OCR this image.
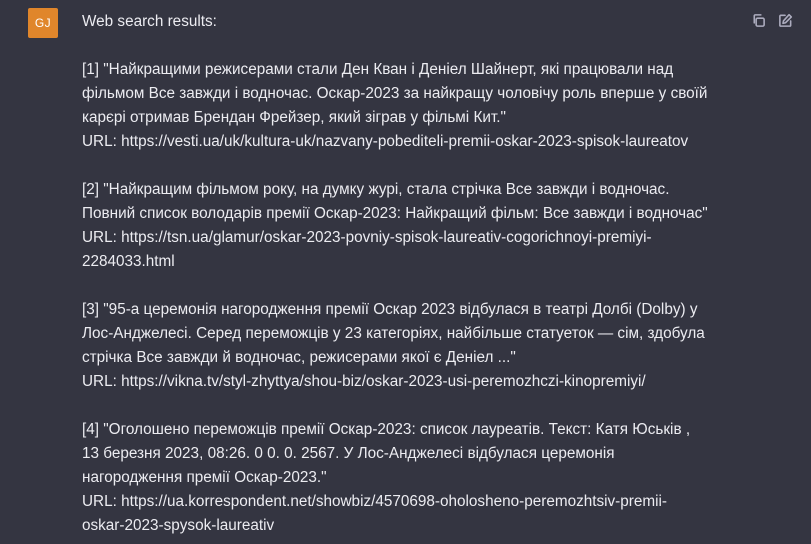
GJ	Web search results:
[1] "Найкращими режисерами стали Ден Кван і Деніел Шайнерт, які працювали над
фільмом Все завжди і водночас. Оскар-2023 за найкращу чоловічу роль вперше у своїй
карєрі отримав Брендан Фрейзер, який зіграв у фільмі Кит."
URL: https://vesti.ua/uk/kultura-uk/nazvany-pobediteli-premii-oskar-2023-spisok-laureatov
[2] "Найкращим фільмом року, на думку журі, стала стрічка Все завжди і водночас.
Повний список володарів премії Оскар-2023: Найкращий фільм: Все завжди і водночас"
URL: https://tsn.ua/glamur/oskar-2023-povniy-spisok-laureativ-cogorichnoyi-premiyi-
2284033.html
[3] "95-а церемонія нагородження премії Оскар 2023 відбулася в театрі Долбі (Dolby) у
Лос-Анджелесі. Серед переможців у 23 категоріях, найбільше статуеток — сім, здобула
стрічка Все завжди й водночас, режисерами якої є Деніел ..."
URL: https://vikna.tv/styl-zhyttya/shou-biz/oskar-2023-usi-peremozhczi-kinopremiyi/
[4] "Оголошено переможців премії Оскар-2023: список лауреатів. Текст: Катя Юськів ,
13 березня 2023, 08:26. 0 0. 0. 2567. У Лос-Анджелесі відбулася церемонія
нагородження премії Оскар-2023."
URL: https://ua.korrespondent.net/showbiz/4570698-oholosheno-peremozhtsiv-premii-
oskar-2023-spysok-laureativ
